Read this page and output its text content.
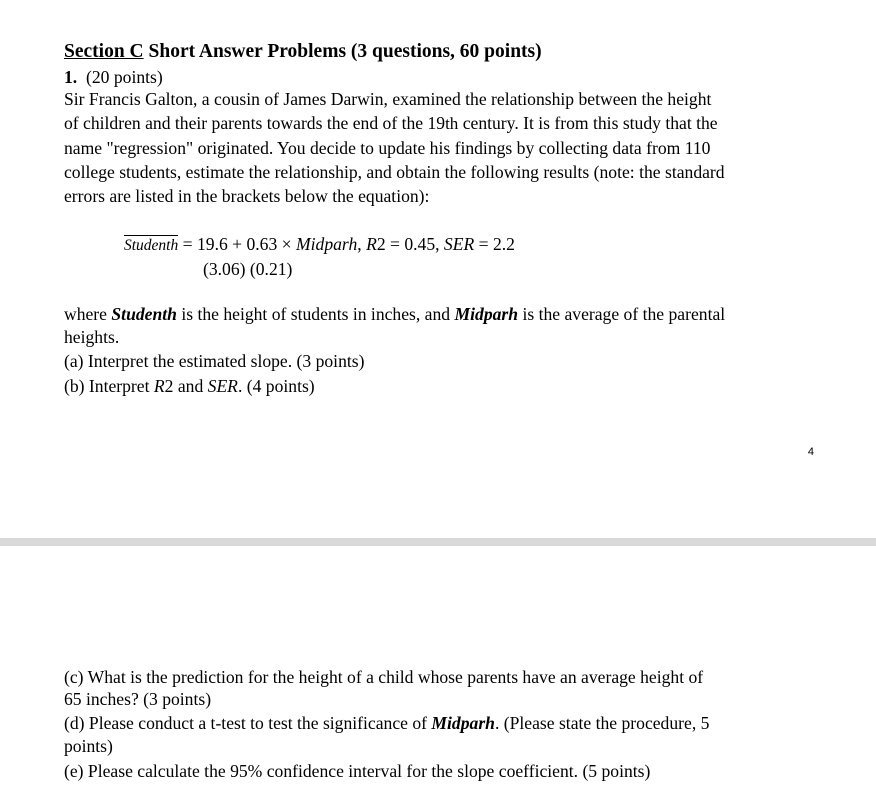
Section C Short Answer Problems (3 questions, 60 points)
1. (20 points)
Sir Francis Galton, a cousin of James Darwin, examined the relationship between the height
of children and their parents towards the end of the 19th century. It is from this study that the
name "regression" originated. You decide to update his findings by collecting data from 110
college students, estimate the relationship, and obtain the following results (note: the standard
errors are listed in the brackets below the equation):
Studenth = 19.6 + 0.63 × Midparh, R2 = 0.45, SER = 2.2
(3.06) (0.21)
where Studenth is the height of students in inches, and Midparh is the average of the parental
heights.
(a) Interpret the estimated slope. (3 points)
(b) Interpret R2 and SER. (4 points)
4
(c) What is the prediction for the height of a child whose parents have an average height of
65 inches? (3 points)
(d) Please conduct a t-test to test the significance of Midparh. (Please state the procedure, 5
points)
(e) Please calculate the 95% confidence interval for the slope coefficient. (5 points)
